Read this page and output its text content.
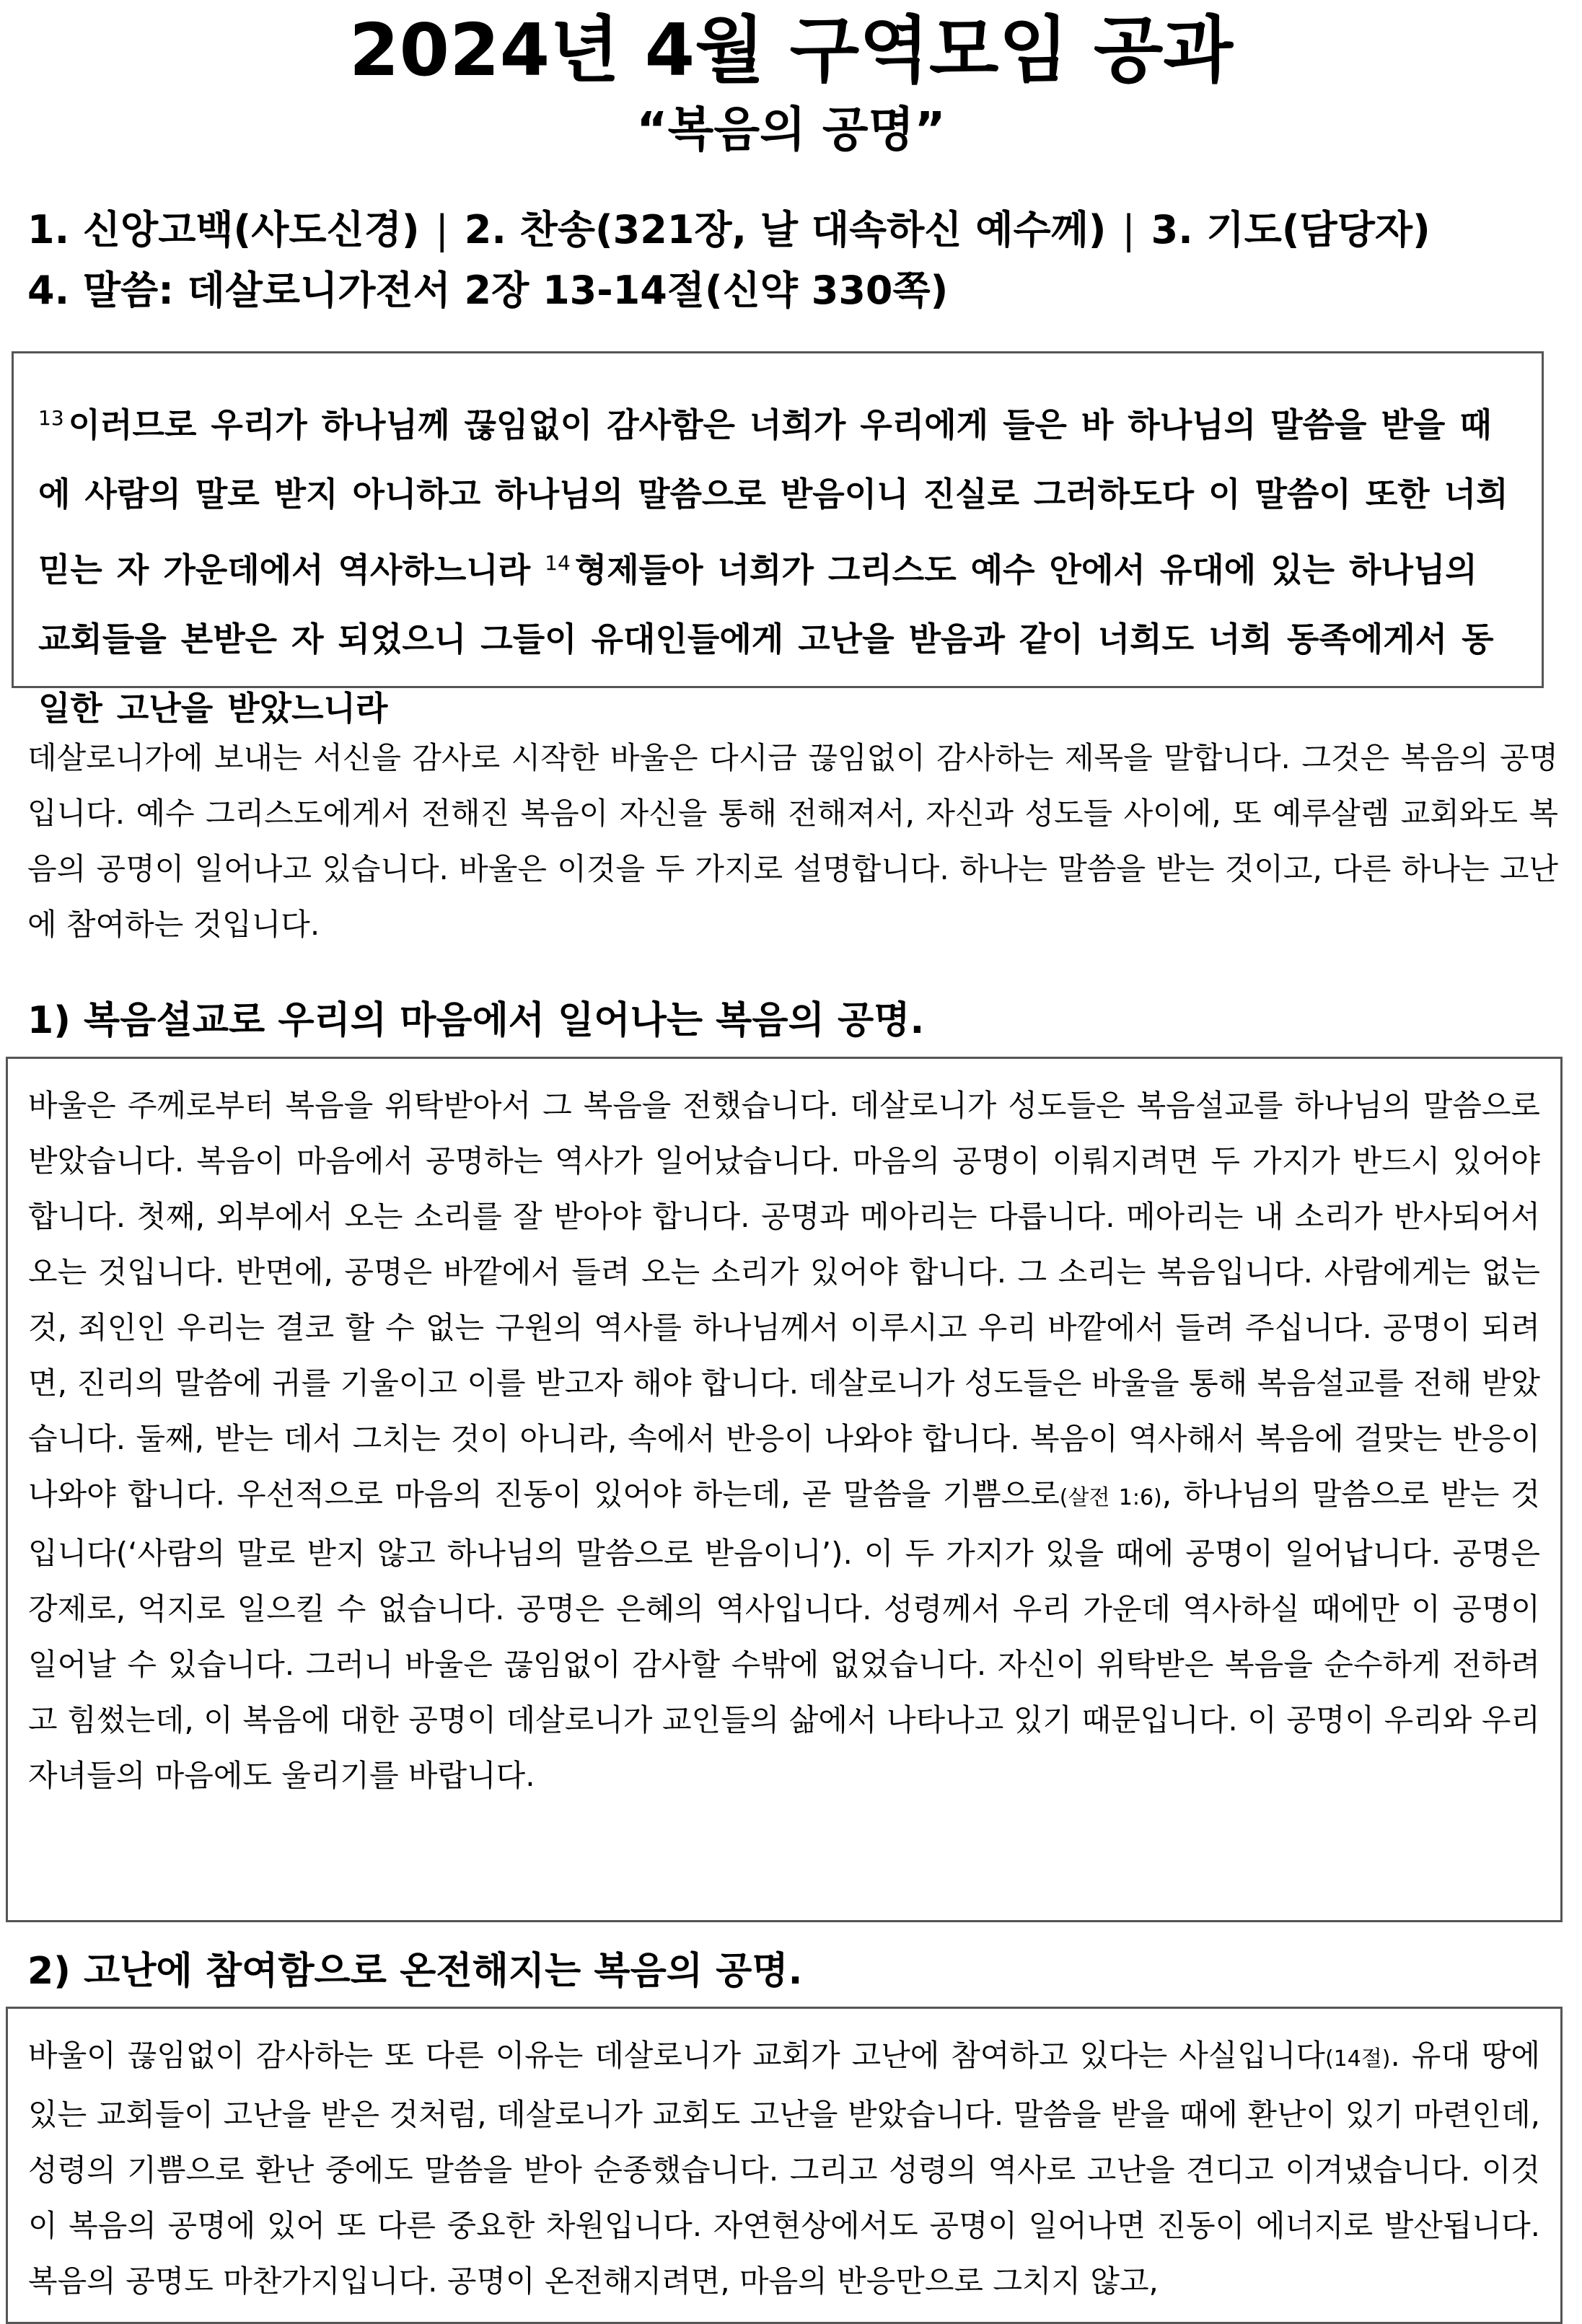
2024년 4월 구역모임 공과
“복음의 공명”
1. 신앙고백(사도신경) | 2. 찬송(321장, 날 대속하신 예수께) | 3. 기도(담당자)
4. 말씀: 데살로니가전서 2장 13-14절(신약 330쪽)
$^{13}$ 이러므로 우리가 하나님께 끊임없이 감사함은 너희가 우리에게 들은 바 하나님의 말씀을 받을 때에 사람의 말로 받지 아니하고 하나님의 말씀으로 받음이니 진실로 그러하도다 이 말씀이 또한 너희 믿는 자 가운데에서 역사하느니라 $^{14}$ 형제들아 너희가 그리스도 예수 안에서 유대에 있는 하나님의 교회들을 본받은 자 되었으니 그들이 유대인들에게 고난을 받음과 같이 너희도 너희 동족에게서 동일한 고난을 받았느니라

데살로니가에 보내는 서신을 감사로 시작한 바울은 다시금 끊임없이 감사하는 제목을 말합니다. 그것은 복음의 공명입니다. 예수 그리스도에게서 전해진 복음이 자신을 통해 전해져서, 자신과 성도들 사이에, 또 예루살렘 교회와도 복음의 공명이 일어나고 있습니다. 바울은 이것을 두 가지로 설명합니다. 하나는 말씀을 받는 것이고, 다른 하나는 고난에 참여하는 것입니다.

1) 복음설교로 우리의 마음에서 일어나는 복음의 공명.

바울은 주께로부터 복음을 위탁받아서 그 복음을 전했습니다. 데살로니가 성도들은 복음설교를 하나님의 말씀으로 받았습니다. 복음이 마음에서 공명하는 역사가 일어났습니다. 마음의 공명이 이뤄지려면 두 가지가 반드시 있어야 합니다. 첫째, 외부에서 오는 소리를 잘 받아야 합니다. 공명과 메아리는 다릅니다. 메아리는 내 소리가 반사되어서 오는 것입니다. 반면에, 공명은 바깥에서 들려 오는 소리가 있어야 합니다. 그 소리는 복음입니다. 사람에게는 없는 것, 죄인인 우리는 결코 할 수 없는 구원의 역사를 하나님께서 이루시고 우리 바깥에서 들려 주십니다. 공명이 되려면, 진리의 말씀에 귀를 기울이고 이를 받고자 해야 합니다. 데살로니가 성도들은 바울을 통해 복음설교를 전해 받았습니다. 둘째, 받는 데서 그치는 것이 아니라, 속에서 반응이 나와야 합니다. 복음이 역사해서 복음에 걸맞는 반응이 나와야 합니다. 우선적으로 마음의 진동이 있어야 하는데, 곧 말씀을 기쁨으로(살전 1:6), 하나님의 말씀으로 받는 것입니다(‘사람의 말로 받지 않고 하나님의 말씀으로 받음이니’). 이 두 가지가 있을 때에 공명이 일어납니다. 공명은 강제로, 억지로 일으킬 수 없습니다. 공명은 은혜의 역사입니다. 성령께서 우리 가운데 역사하실 때에만 이 공명이 일어날 수 있습니다. 그러니 바울은 끊임없이 감사할 수밖에 없었습니다. 자신이 위탁받은 복음을 순수하게 전하려고 힘썼는데, 이 복음에 대한 공명이 데살로니가 교인들의 삶에서 나타나고 있기 때문입니다. 이 공명이 우리와 우리 자녀들의 마음에도 울리기를 바랍니다.

2) 고난에 참여함으로 온전해지는 복음의 공명.

바울이 끊임없이 감사하는 또 다른 이유는 데살로니가 교회가 고난에 참여하고 있다는 사실입니다(14절). 유대 땅에 있는 교회들이 고난을 받은 것처럼, 데살로니가 교회도 고난을 받았습니다. 말씀을 받을 때에 환난이 있기 마련인데, 성령의 기쁨으로 환난 중에도 말씀을 받아 순종했습니다. 그리고 성령의 역사로 고난을 견디고 이겨냈습니다. 이것이 복음의 공명에 있어 또 다른 중요한 차원입니다. 자연현상에서도 공명이 일어나면 진동이 에너지로 발산됩니다. 복음의 공명도 마찬가지입니다. 공명이 온전해지려면, 마음의 반응만으로 그치지 않고,
